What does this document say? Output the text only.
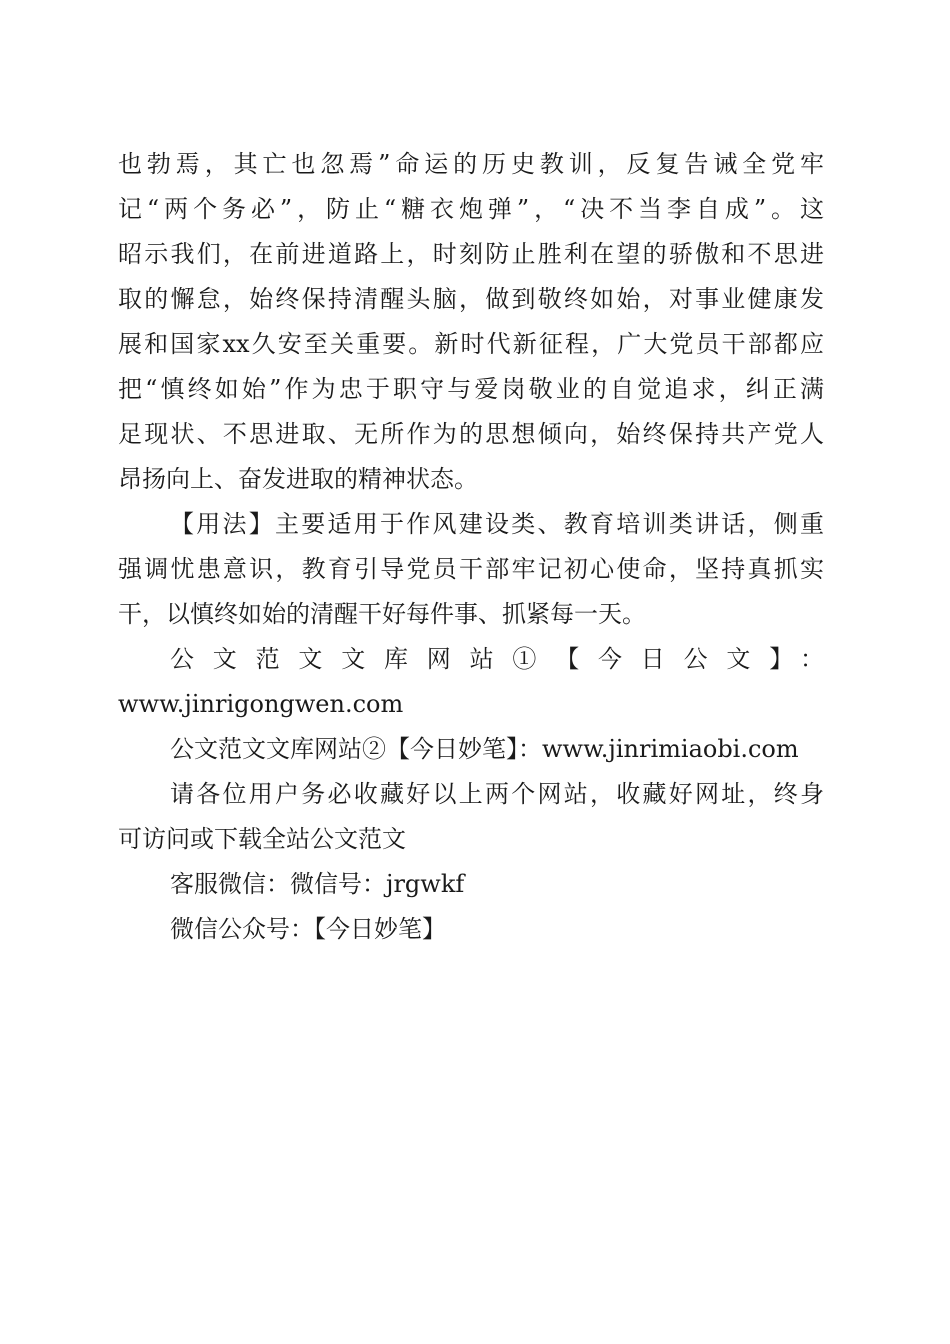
也勃焉，其亡也忽焉”命运的历史教训，反复告诫全党牢
记“两个务必”，防止“糖衣炮弹”，“决不当李自成”。这
昭示我们，在前进道路上，时刻防止胜利在望的骄傲和不思进
取的懈怠，始终保持清醒头脑，做到敬终如始，对事业健康发
展和国家xx久安至关重要。新时代新征程，广大党员干部都应
把“慎终如始”作为忠于职守与爱岗敬业的自觉追求，纠正满
足现状、不思进取、无所作为的思想倾向，始终保持共产党人
昂扬向上、奋发进取的精神状态。
【用法】主要适用于作风建设类、教育培训类讲话，侧重
强调忧患意识，教育引导党员干部牢记初心使命，坚持真抓实
干，以慎终如始的清醒干好每件事、抓紧每一天。
公文范文文库网站①【今日公文】：
www.jinrigongwen.com
公文范文文库网站②【今日妙笔】：www.jinrimiaobi.com
请各位用户务必收藏好以上两个网站，收藏好网址，终身
可访问或下载全站公文范文
客服微信：微信号：jrgwkf
微信公众号：【今日妙笔】
